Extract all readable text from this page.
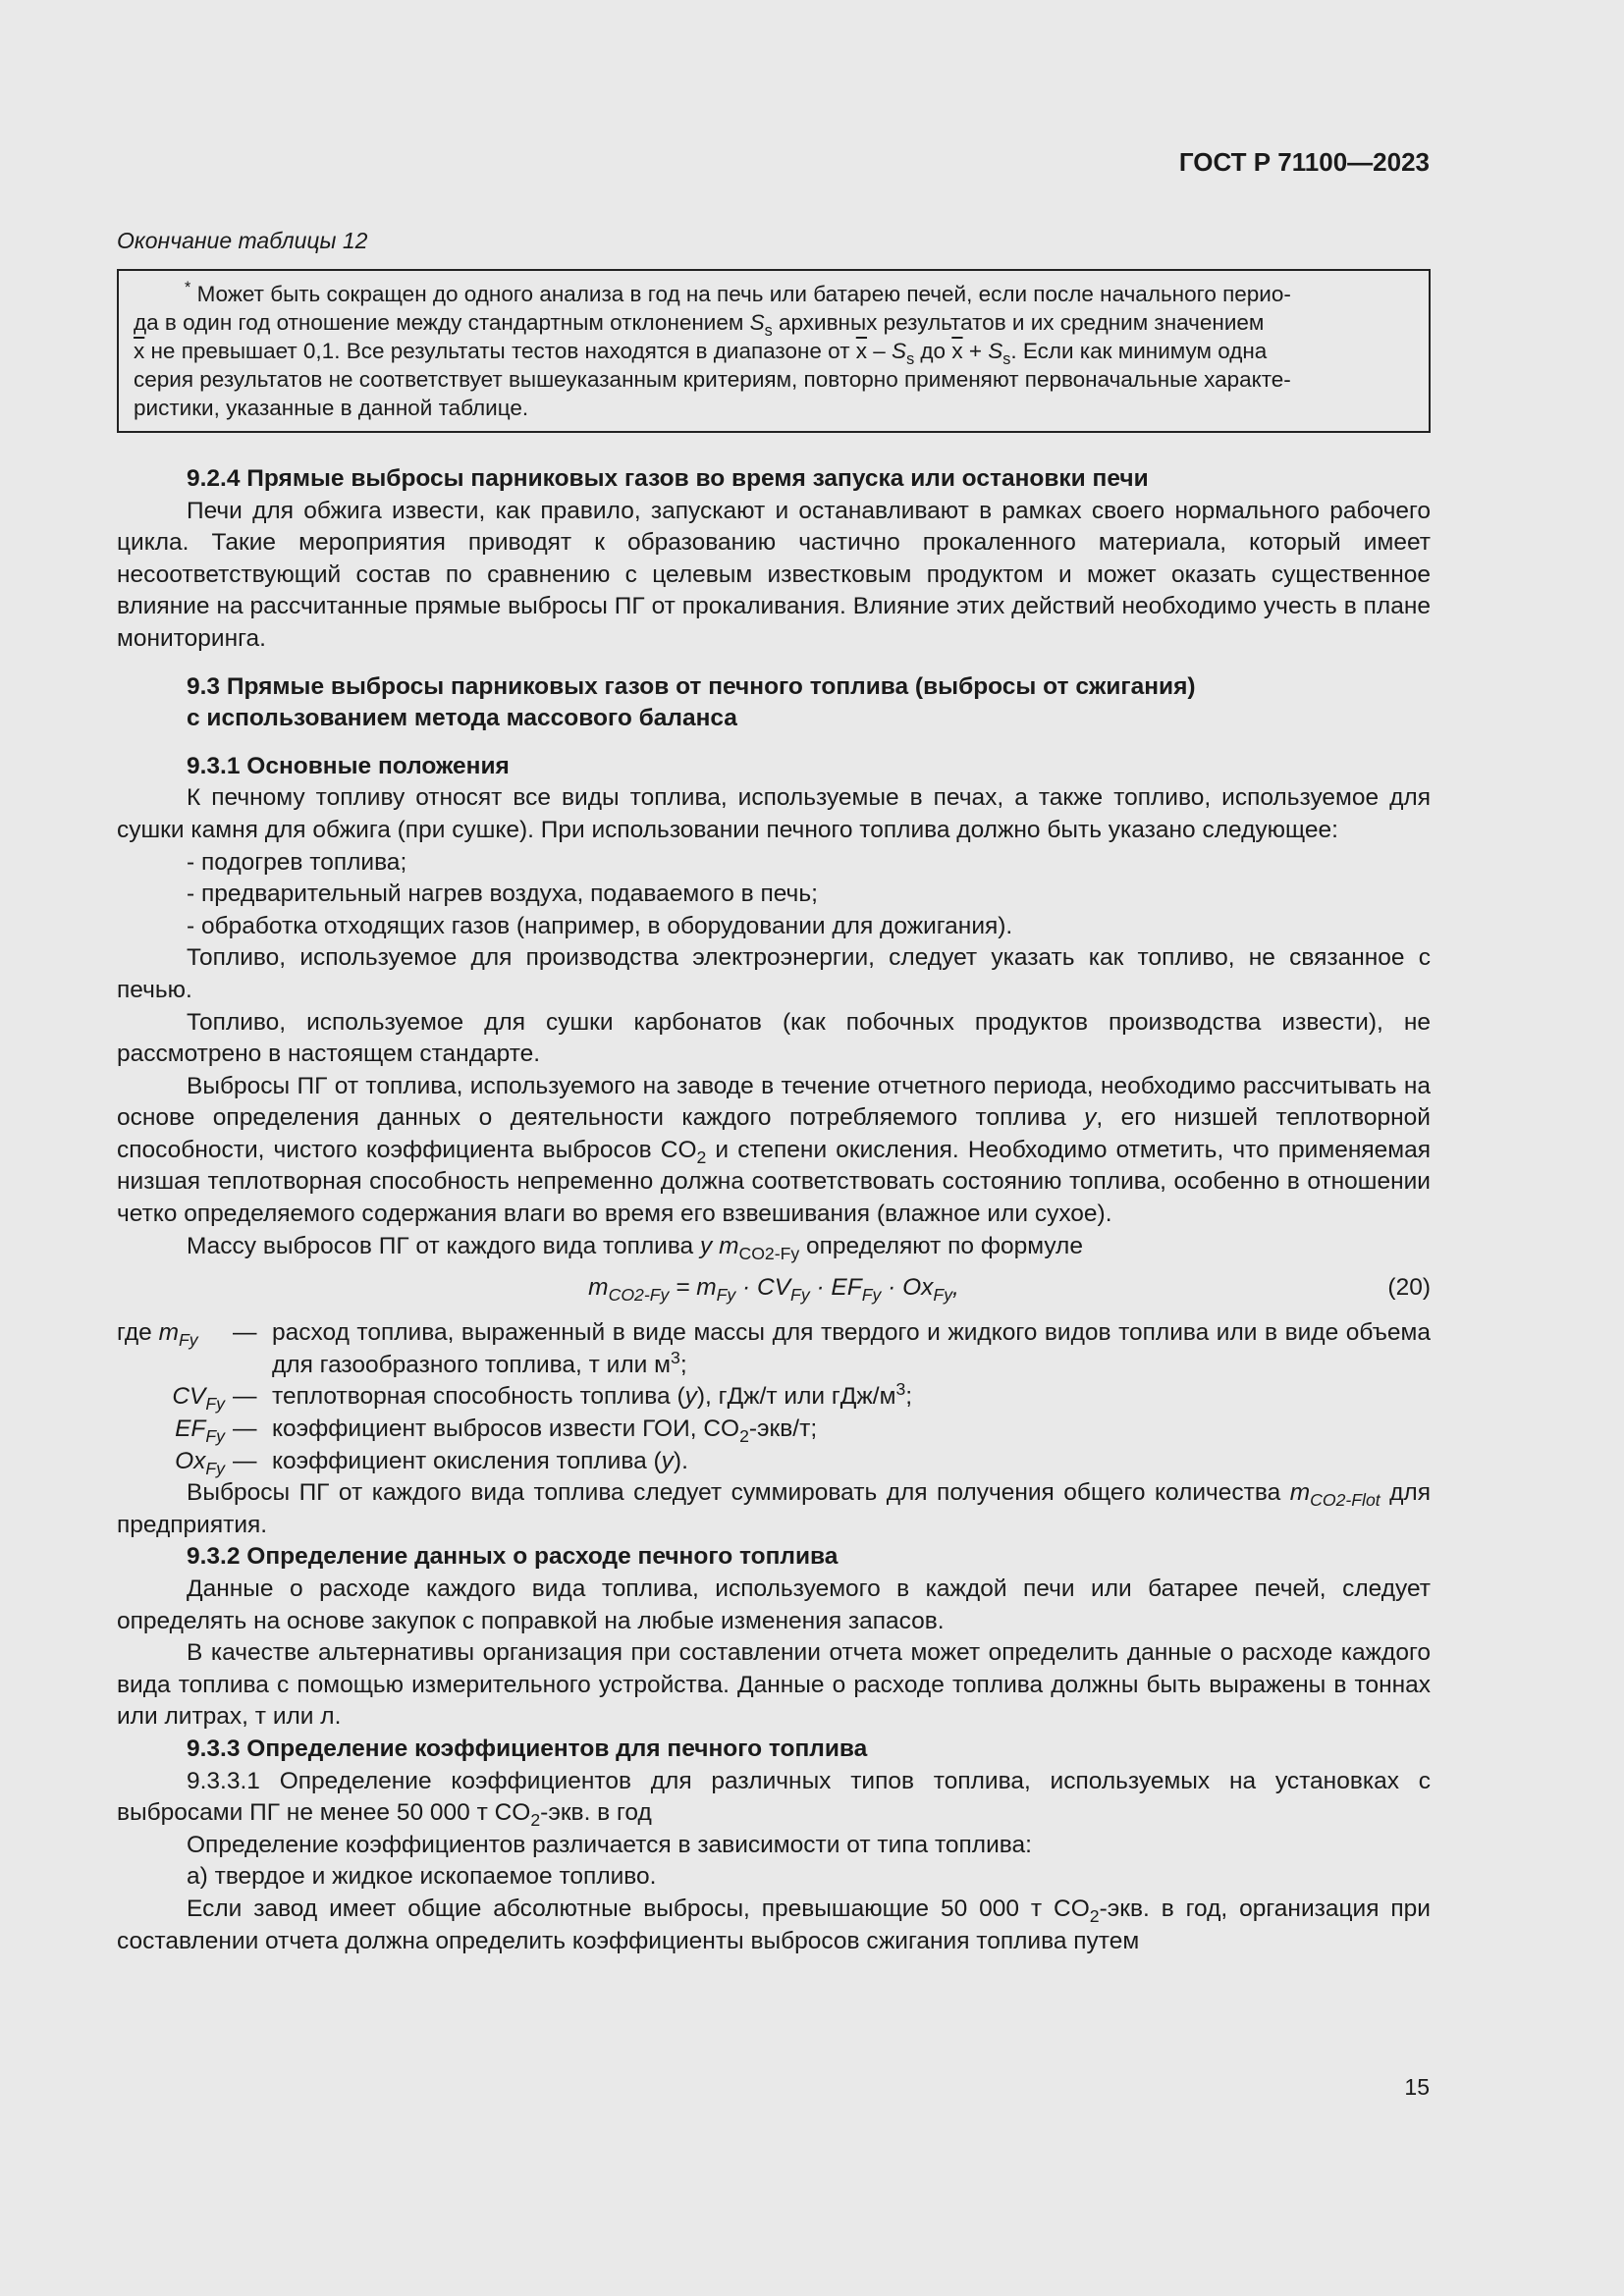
ГОСТ Р 71100—2023
Окончание таблицы 12
* Может быть сокращен до одного анализа в год на печь или батарею печей, если после начального перио-
да в один год отношение между стандартным отклонением $S_s$ архивных результатов и их средним значением
$\overline{x}$ не превышает 0,1. Все результаты тестов находятся в диапазоне от $\overline{x} - S_s$ до $\overline{x} + S_s$. Если как минимум одна
серия результатов не соответствует вышеуказанным критериям, повторно применяют первоначальные характе-
ристики, указанные в данной таблице.
9.2.4 Прямые выбросы парниковых газов во время запуска или остановки печи

Печи для обжига извести, как правило, запускают и останавливают в рамках своего нормального рабочего цикла. Такие мероприятия приводят к образованию частично прокаленного материала, который имеет несоответствующий состав по сравнению с целевым известковым продуктом и может оказать существенное влияние на рассчитанные прямые выбросы ПГ от прокаливания. Влияние этих действий необходимо учесть в плане мониторинга.

9.3 Прямые выбросы парниковых газов от печного топлива (выбросы от сжигания)
с использованием метода массового баланса
9.3.1 Основные положения

К печному топливу относят все виды топлива, используемые в печах, а также топливо, используемое для сушки камня для обжига (при сушке). При использовании печного топлива должно быть указано следующее:

- подогрев топлива;

- предварительный нагрев воздуха, подаваемого в печь;

- обработка отходящих газов (например, в оборудовании для дожигания).

Топливо, используемое для производства электроэнергии, следует указать как топливо, не связанное с печью.

Топливо, используемое для сушки карбонатов (как побочных продуктов производства извести), не рассмотрено в настоящем стандарте.

Выбросы ПГ от топлива, используемого на заводе в течение отчетного периода, необходимо рассчитывать на основе определения данных о деятельности каждого потребляемого топлива y, его низшей теплотворной способности, чистого коэффициента выбросов $CO_2$ и степени окисления. Необходимо отметить, что применяемая низшая теплотворная способность непременно должна соответствовать состоянию топлива, особенно в отношении четко определяемого содержания влаги во время его взвешивания (влажное или сухое).

Массу выбросов ПГ от каждого вида топлива y $m_{CO2-Fy}$ определяют по формуле

$m_{CO2-Fy} = m_{Fy} \cdot CV_{Fy} \cdot EF_{Fy} \cdot Ox_{Fy}$,	(20)
где $m_{Fy}$ — расход топлива, выраженный в виде массы для твердого и жидкого видов топлива или в виде объема для газообразного топлива, т или $м^3$;
$CV_{Fy}$ — теплотворная способность топлива (y), гДж/т или гДж/$м^3$;
$EF_{Fy}$ — коэффициент выбросов извести ГОИ, $CO_2-экв/т$;
$Ox_{Fy}$ — коэффициент окисления топлива (y).

Выбросы ПГ от каждого вида топлива следует суммировать для получения общего количества $m_{CO2-Flot}$ для предприятия.

9.3.2 Определение данных о расходе печного топлива

Данные о расходе каждого вида топлива, используемого в каждой печи или батарее печей, следует определять на основе закупок с поправкой на любые изменения запасов.

В качестве альтернативы организация при составлении отчета может определить данные о расходе каждого вида топлива с помощью измерительного устройства. Данные о расходе топлива должны быть выражены в тоннах или литрах, т или л.

9.3.3 Определение коэффициентов для печного топлива

9.3.3.1 Определение коэффициентов для различных типов топлива, используемых на установках с выбросами ПГ не менее 50 000 т $CO_2$-экв. в год

Определение коэффициентов различается в зависимости от типа топлива:

а) твердое и жидкое ископаемое топливо.

Если завод имеет общие абсолютные выбросы, превышающие 50 000 т $CO_2$-экв. в год, организация при составлении отчета должна определить коэффициенты выбросов сжигания топлива путем

15
